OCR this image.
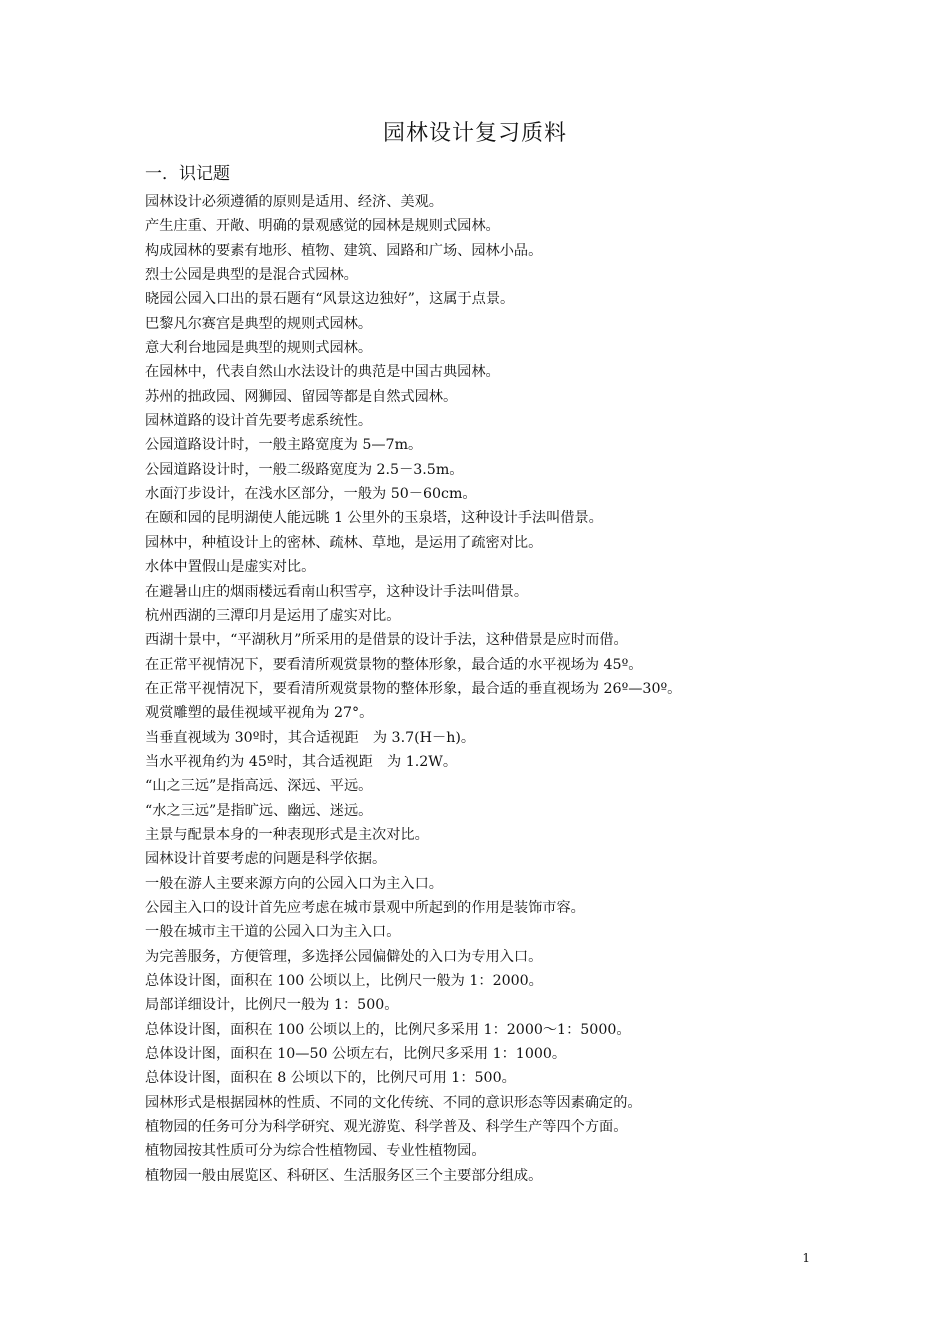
园林设计复习质料
一．识记题
园林设计必须遵循的原则是适用、经济、美观。
产生庄重、开敞、明确的景观感觉的园林是规则式园林。
构成园林的要素有地形、植物、建筑、园路和广场、园林小品。
烈士公园是典型的是混合式园林。
晓园公园入口出的景石题有“风景这边独好”，这属于点景。
巴黎凡尔赛宫是典型的规则式园林。
意大利台地园是典型的规则式园林。
在园林中，代表自然山水法设计的典范是中国古典园林。
苏州的拙政园、网狮园、留园等都是自然式园林。
园林道路的设计首先要考虑系统性。
公园道路设计时，一般主路宽度为 5—7m。
公园道路设计时，一般二级路宽度为 2.5－3.5m。
水面汀步设计，在浅水区部分，一般为 50－60cm。
在颐和园的昆明湖使人能远眺 1 公里外的玉泉塔，这种设计手法叫借景。
园林中，种植设计上的密林、疏林、草地，是运用了疏密对比。
水体中置假山是虚实对比。
在避暑山庄的烟雨楼远看南山积雪亭，这种设计手法叫借景。
杭州西湖的三潭印月是运用了虚实对比。
西湖十景中，“平湖秋月”所采用的是借景的设计手法，这种借景是应时而借。
在正常平视情况下，要看清所观赏景物的整体形象，最合适的水平视场为 45º。
在正常平视情况下，要看清所观赏景物的整体形象，最合适的垂直视场为 26º—30º。
观赏雕塑的最佳视域平视角为 27°。
当垂直视域为 30º时，其合适视距　为 3.7(H－h)。
当水平视角约为 45º时，其合适视距　为 1.2W。
“山之三远”是指高远、深远、平远。
“水之三远”是指旷远、幽远、迷远。
主景与配景本身的一种表现形式是主次对比。
园林设计首要考虑的问题是科学依据。
一般在游人主要来源方向的公园入口为主入口。
公园主入口的设计首先应考虑在城市景观中所起到的作用是装饰市容。
一般在城市主干道的公园入口为主入口。
为完善服务，方便管理，多选择公园偏僻处的入口为专用入口。
总体设计图，面积在 100 公顷以上，比例尺一般为 1：2000。
局部详细设计，比例尺一般为 1：500。
总体设计图，面积在 100 公顷以上的，比例尺多采用 1：2000～1：5000。
总体设计图，面积在 10—50 公顷左右，比例尺多采用 1：1000。
总体设计图，面积在 8 公顷以下的，比例尺可用 1：500。
园林形式是根据园林的性质、不同的文化传统、不同的意识形态等因素确定的。
植物园的任务可分为科学研究、观光游览、科学普及、科学生产等四个方面。
植物园按其性质可分为综合性植物园、专业性植物园。
植物园一般由展览区、科研区、生活服务区三个主要部分组成。
1
